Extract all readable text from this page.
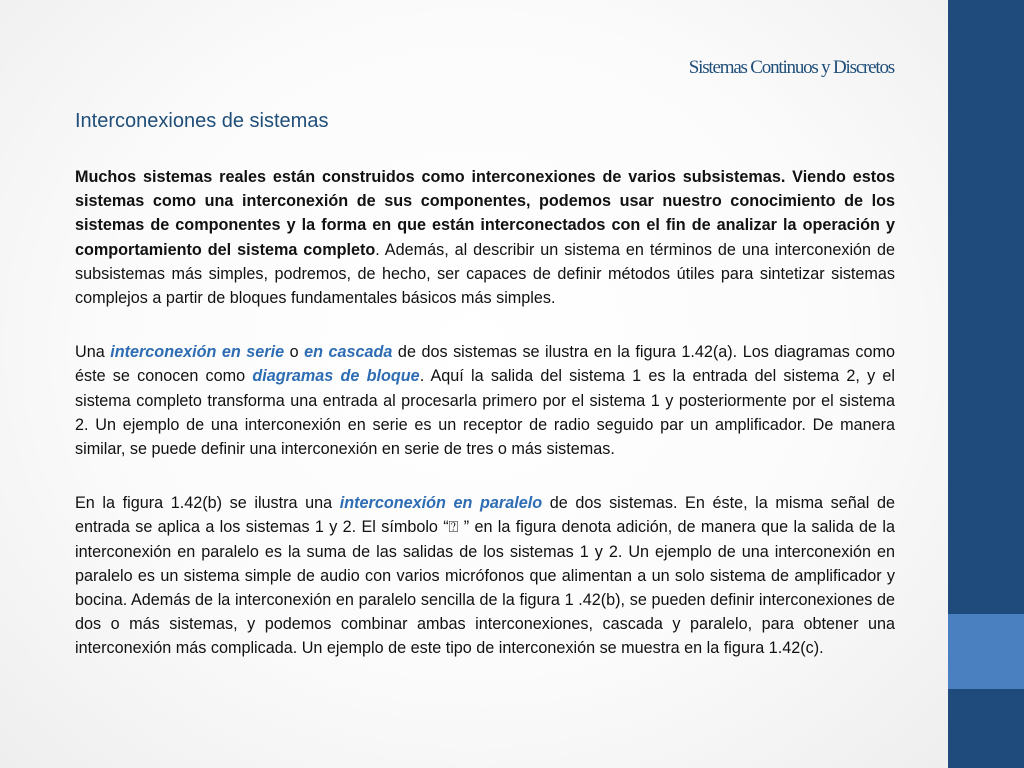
Sistemas Continuos y Discretos
Interconexiones de sistemas

Muchos sistemas reales están construidos como interconexiones de varios subsistemas. Viendo estos sistemas como una interconexión de sus componentes, podemos usar nuestro conocimiento de los sistemas de componentes y la forma en que están interconectados con el fin de analizar la operación y comportamiento del sistema completo. Además, al describir un sistema en términos de una interconexión de subsistemas más simples, podremos, de hecho, ser capaces de definir métodos útiles para sintetizar sistemas complejos a partir de bloques fundamentales básicos más simples.

Una interconexión en serie o en cascada de dos sistemas se ilustra en la figura 1.42(a). Los diagramas como éste se conocen como diagramas de bloque. Aquí la salida del sistema 1 es la entrada del sistema 2, y el sistema completo transforma una entrada al procesarla primero por el sistema 1 y posteriormente por el sistema 2. Un ejemplo de una interconexión en serie es un receptor de radio seguido par un amplificador. De manera similar, se puede definir una interconexión en serie de tres o más sistemas.

En la figura 1.42(b) se ilustra una interconexión en paralelo de dos sistemas. En éste, la misma señal de entrada se aplica a los sistemas 1 y 2. El símbolo “⍰ ” en la figura denota adición, de manera que la salida de la interconexión en paralelo es la suma de las salidas de los sistemas 1 y 2. Un ejemplo de una interconexión en paralelo es un sistema simple de audio con varios micrófonos que alimentan a un solo sistema de amplificador y bocina. Además de la interconexión en paralelo sencilla de la figura 1 .42(b), se pueden definir interconexiones de dos o más sistemas, y podemos combinar ambas interconexiones, cascada y paralelo, para obtener una interconexión más complicada. Un ejemplo de este tipo de interconexión se muestra en la figura 1.42(c).
